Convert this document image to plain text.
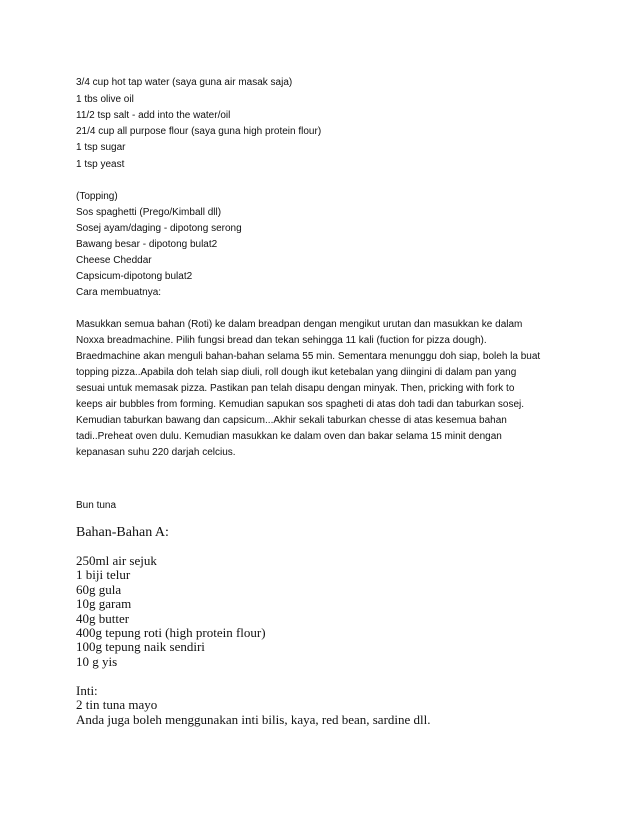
3/4 cup hot tap water (saya guna air masak saja)
1 tbs olive oil
11/2 tsp salt - add into the water/oil
21/4 cup all purpose flour (saya guna high protein flour)
1 tsp sugar
1 tsp yeast
(Topping)
Sos spaghetti (Prego/Kimball dll)
Sosej ayam/daging - dipotong serong
Bawang besar - dipotong bulat2
Cheese Cheddar
Capsicum-dipotong bulat2
Cara membuatnya:
Masukkan semua bahan (Roti) ke dalam breadpan dengan mengikut urutan dan masukkan ke dalam
Noxxa breadmachine. Pilih fungsi bread dan tekan sehingga 11 kali (fuction for pizza dough).
Braedmachine akan menguli bahan-bahan selama 55 min. Sementara menunggu doh siap, boleh la buat
topping pizza..Apabila doh telah siap diuli, roll dough ikut ketebalan yang diingini di dalam pan yang
sesuai untuk memasak pizza. Pastikan pan telah disapu dengan minyak. Then, pricking with fork to
keeps air bubbles from forming. Kemudian sapukan sos spagheti di atas doh tadi dan taburkan sosej.
Kemudian taburkan bawang dan capsicum...Akhir sekali taburkan chesse di atas kesemua bahan
tadi..Preheat oven dulu. Kemudian masukkan ke dalam oven dan bakar selama 15 minit dengan
kepanasan suhu 220 darjah celcius.
Bun tuna
Bahan-Bahan A:
250ml air sejuk
1 biji telur
60g gula
10g garam
40g butter
400g tepung roti (high protein flour)
100g tepung naik sendiri
10 g yis
Inti:
2 tin tuna mayo
Anda juga boleh menggunakan inti bilis, kaya, red bean, sardine dll.
